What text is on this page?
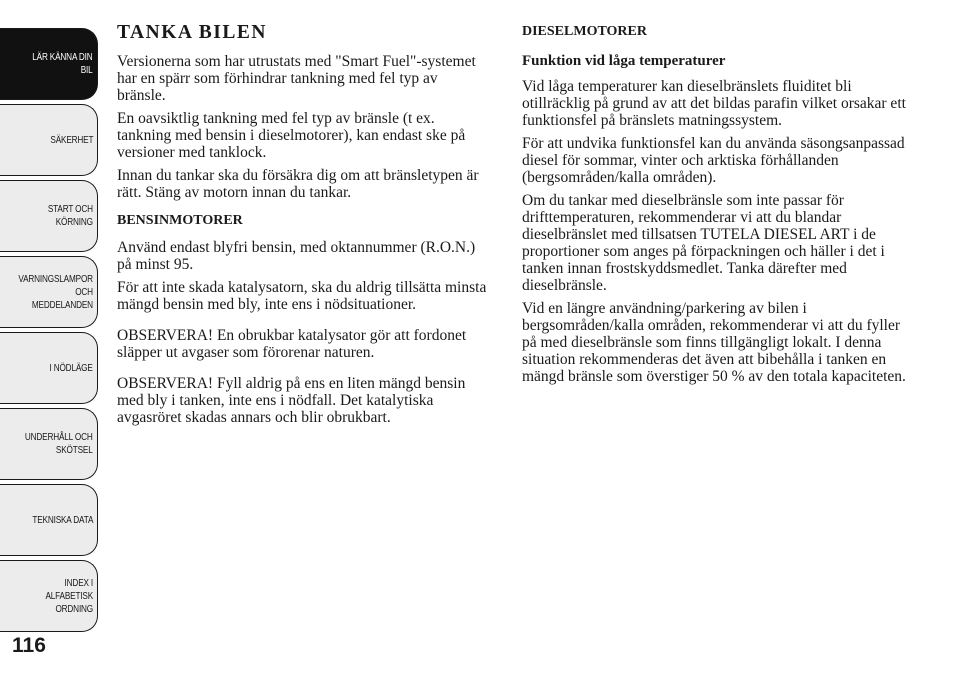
LÄR KÄNNA DIN
BIL
SÄKERHET
START OCH
KÖRNING
VARNINGSLAMPOR
OCH
MEDDELANDEN
I NÖDLÄGE
UNDERHÅLL OCH
SKÖTSEL
TEKNISKA DATA
INDEX I
ALFABETISK
ORDNING
116
TANKA BILEN

Versionerna som har utrustats med "Smart Fuel"-systemet har en spärr som förhindrar tankning med fel typ av bränsle.

En oavsiktlig tankning med fel typ av bränsle (t ex. tankning med bensin i dieselmotorer), kan endast ske på versioner med tanklock.

Innan du tankar ska du försäkra dig om att bränsletypen är rätt. Stäng av motorn innan du tankar.

BENSINMOTORER

Använd endast blyfri bensin, med oktannummer (R.O.N.) på minst 95.

För att inte skada katalysatorn, ska du aldrig tillsätta minsta mängd bensin med bly, inte ens i nödsituationer.

OBSERVERA! En obrukbar katalysator gör att fordonet släpper ut avgaser som förorenar naturen.

OBSERVERA! Fyll aldrig på ens en liten mängd bensin med bly i tanken, inte ens i nödfall. Det katalytiska avgasröret skadas annars och blir obrukbart.

DIESELMOTORER
Funktion vid låga temperaturer

Vid låga temperaturer kan dieselbränslets fluiditet bli otillräcklig på grund av att det bildas parafin vilket orsakar ett funktionsfel på bränslets matningssystem.

För att undvika funktionsfel kan du använda säsongsanpassad diesel för sommar, vinter och arktiska förhållanden (bergsområden/kalla områden).

Om du tankar med dieselbränsle som inte passar för drifttemperaturen, rekommenderar vi att du blandar dieselbränslet med tillsatsen TUTELA DIESEL ART i de proportioner som anges på förpackningen och häller i det i tanken innan frostskyddsmedlet. Tanka därefter med dieselbränsle.

Vid en längre användning/parkering av bilen i bergsområden/kalla områden, rekommenderar vi att du fyller på med dieselbränsle som finns tillgängligt lokalt. I denna situation rekommenderas det även att bibehålla i tanken en mängd bränsle som överstiger 50 % av den totala kapaciteten.
